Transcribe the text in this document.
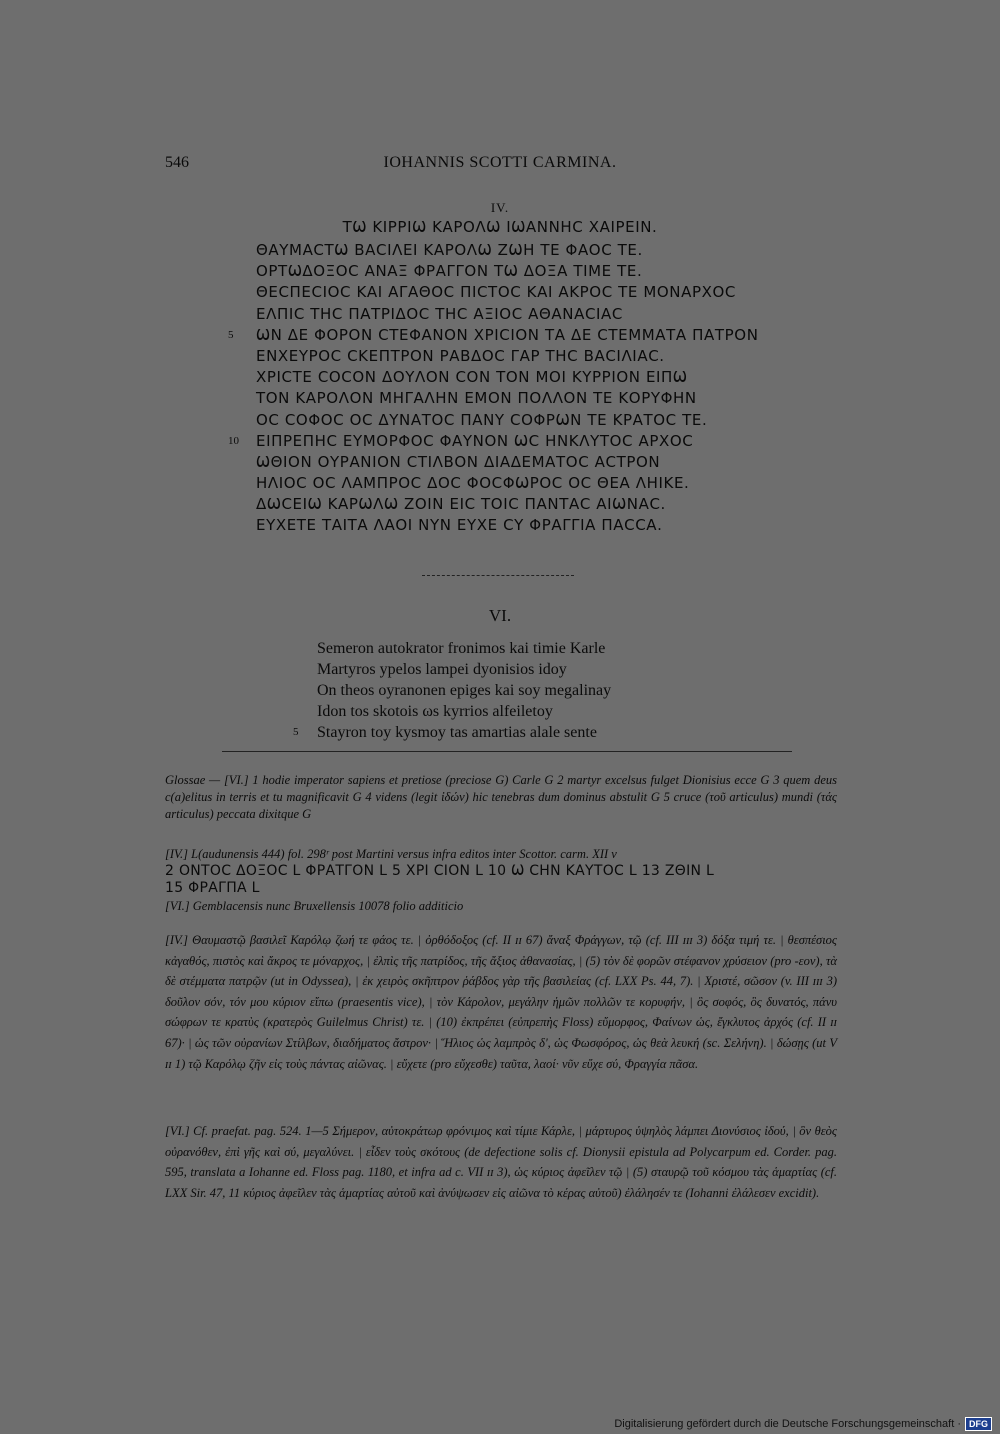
546	IOHANNIS SCOTTI CARMINA.
IV.
ΤѠ ΚΙΡΡΙѠ ΚΑΡΟΛѠ ΙѠΑΝΝΗϹ ΧΑΙΡΕΙΝ.
ΘΑΥΜΑϹΤѠ ΒΑϹΙΛΕΙ ΚΑΡΟΛѠ ΖѠΗ ΤΕ ΦΑΟϹ ΤΕ.
ΟΡΤѠΔΟΞΟϹ ΑΝΑΞ ΦΡΑΓΓΟΝ ΤѠ ΔΟΞΑ ΤΙΜΕ ΤΕ.
ΘΕϹΠΕϹΙΟϹ ΚΑΙ ΑΓΑΘΟϹ ΠΙϹΤΟϹ ΚΑΙ ΑΚΡΟϹ ΤΕ ΜΟΝΑΡΧΟϹ
ΕΛΠΙϹ ΤΗϹ ΠΑΤΡΙΔΟϹ ΤΗϹ ΑΞΙΟϹ ΑΘΑΝΑϹΙΑϹ
5 ѠΝ ΔΕ ΦΟΡΟΝ ϹΤΕΦΑΝΟΝ ΧΡΙϹΙΟΝ ΤΑ ΔΕ ϹΤΕΜΜΑΤΑ ΠΑΤΡΟΝ
ΕΝΧΕΥΡΟϹ ϹΚΕΠΤΡΟΝ ΡΑΒΔΟϹ ΓΑΡ ΤΗϹ ΒΑϹΙΛΙΑϹ.
ΧΡΙϹΤΕ ϹΟϹΟΝ ΔΟΥΛΟΝ ϹΟΝ ΤΟΝ ΜΟΙ ΚΥΡΡΙΟΝ ΕΙΠѠ
ΤΟΝ ΚΑΡΟΛΟΝ ΜΗΓΑΛΗΝ ΕΜΟΝ ΠΟΛΛΟΝ ΤΕ ΚΟΡΥΦΗΝ
ΟϹ ϹΟΦΟϹ ΟϹ ΔΥΝΑΤΟϹ ΠΑΝΥ ϹΟΦΡѠΝ ΤΕ ΚΡΑΤΟϹ ΤΕ.
10 ΕΙΠΡΕΠΗϹ ΕΥΜΟΡΦΟϹ ΦΑΥΝΟΝ ѠϹ ΗΝΚΛΥΤΟϹ ΑΡΧΟϹ
ѠΘΙΟΝ ΟΥΡΑΝΙΟΝ ϹΤΙΛΒΟΝ ΔΙΑΔΕΜΑΤΟϹ ΑϹΤΡΟΝ
ΗΛΙΟϹ ΟϹ ΛΑΜΠΡΟϹ ΔΟϹ ΦΟϹΦѠΡΟϹ ΟϹ ΘΕΑ ΛΗΙΚΕ.
ΔѠϹΕΙѠ ΚΑΡѠΛѠ ΖΟΙΝ ΕΙϹ ΤΟΙϹ ΠΑΝΤΑϹ ΑΙѠΝΑϹ.
ΕΥΧΕΤΕ ΤΑΙΤΑ ΛΑΟΙ ΝΥΝ ΕΥΧΕ ϹΥ ΦΡΑΓΓΙΑ ΠΑϹϹΑ.
VI.
Semeron autokrator fronimos kai timie Karle
Martyros ypelos lampei dyonisios idoy
On theos oyranonen epiges kai soy megalinay
Idon tos skotois ωs kyrrios alfeiletoy
5 Stayron toy kysmoy tas amartias alale sente
Glossae — [VI.] 1 hodie imperator sapiens et pretiose (preciose G) Carle G 2 martyr excelsus fulget Dionisius ecce G 3 quem deus c(a)elitus in terris et tu magnificavit G 4 videns (legit ἰδών) hic tenebras dum dominus abstulit G 5 cruce (τοῦ articulus) mundi (τάς articulus) peccata dixitque G
[IV.] L(audunensis 444) fol. 298ʳ post Martini versus infra editos inter Scottor. carm. XII v
2 ΟΝΤΟϹ ΔΟΞΟϹ L ΦΡΑΤΓΟΝ L 5 ΧΡΙ ϹΙΟΝ L 10 Ѡ ϹΗΝ ΚΑΥΤΟϹ L 13 ΖΘΙΝ L
15 ΦΡΑΓΠΑ L
[VI.] Gemblacensis nunc Bruxellensis 10078 folio additicio
[IV.] Θαυμαστῷ βασιλεῖ Καρόλῳ ζωή τε φάος τε. | ὀρθόδοξος (cf. II ɪɪ 67) ἄναξ Φράγγων, τῷ (cf. III ɪɪɪ 3) δόξα τιμή τε. | θεσπέσιος κἀγαθός, πιστὸς καὶ ἄκρος τε μόναρχος, | ἐλπὶς τῆς πατρίδος, τῆς ἄξιος ἀθανασίας, | (5) τὸν δὲ φορῶν στέφανον χρύσειον (pro -εον), τὰ δὲ στέμματα πατρῷν (ut in Odyssea), | ἐκ χειρὸς σκῆπτρον ῥάβδος γὰρ τῆς βασιλείας (cf. LXX Ps. 44, 7). | Χριστέ, σῶσον (v. III ɪɪɪ 3) δοῦλον σόν, τόν μου κύριον εἴπω (praesentis vice), | τὸν Κάρολον, μεγάλην ἡμῶν πολλῶν τε κορυφήν, | ὃς σοφός, ὃς δυνατός, πάνυ σώφρων τε κρατὺς (κρατερὸς Guilelmus Christ) τε. | (10) ἐκπρέπει (εὐπρεπὴς Floss) εὔμορφος, Φαίνων ὡς, ἔγκλυτος ἀρχός (cf. II ɪɪ 67)· | ὡς τῶν οὐρανίων Στίλβων, διαδήματος ἄστρον· | Ἥλιος ὡς λαμπρὸς δ', ὡς Φωσφόρος, ὡς θεὰ λευκή (sc. Σελήνη). | δώσῃς (ut V ɪɪ 1) τῷ Καρόλῳ ζῆν εἰς τοὺς πάντας αἰῶνας. | εὔχετε (pro εὔχεσθε) ταῦτα, λαοί· νῦν εὔχε σύ, Φραγγία πᾶσα.
[VI.] Cf. praefat. pag. 524. 1—5 Σήμερον, αὐτοκράτωρ φρόνιμος καὶ τίμιε Κάρλε, | μάρτυρος ὑψηλὸς λάμπει Διονύσιος ἰδού, | ὃν θεὸς οὐρανόθεν, ἐπὶ γῆς καὶ σύ, μεγαλύνει. | εἶδεν τοὺς σκότους (de defectione solis cf. Dionysii epistula ad Polycarpum ed. Corder. pag. 595, translata a Iohanne ed. Floss pag. 1180, et infra ad c. VII ɪɪ 3), ὡς κύριος ἀφεῖλεν τῷ | (5) σταυρῷ τοῦ κόσμου τὰς ἁμαρτίας (cf. LXX Sir. 47, 11 κύριος ἀφεῖλεν τὰς ἁμαρτίας αὐτοῦ καὶ ἀνύψωσεν εἰς αἰῶνα τὸ κέρας αὐτοῦ) ἐλάλησέν τε (Iohanni ἐλάλεσεν excidit).
Digitalisierung gefördert durch die Deutsche Forschungsgemeinschaft · DFG
